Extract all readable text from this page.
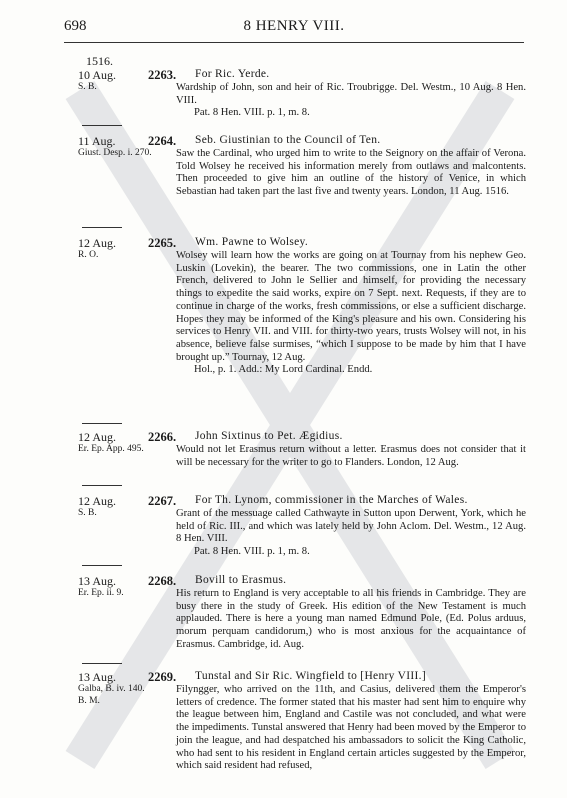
698	8 HENRY VIII.
1516.
10 Aug.
S. B.
2263. For Ric. Yerde.

Wardship of John, son and heir of Ric. Troubrigge. Del. Westm., 10 Aug. 8 Hen. VIII.

Pat. 8 Hen. VIII. p. 1, m. 8.

11 Aug.
Giust. Desp. i. 270.
2264. Seb. Giustinian to the Council of Ten.

Saw the Cardinal, who urged him to write to the Seignory on the affair of Verona. Told Wolsey he received his information merely from outlaws and malcontents. Then proceeded to give him an outline of the history of Venice, in which Sebastian had taken part the last five and twenty years. London, 11 Aug. 1516.

12 Aug.
R. O.
2265. Wm. Pawne to Wolsey.

Wolsey will learn how the works are going on at Tournay from his nephew Geo. Luskin (Lovekin), the bearer. The two commissions, one in Latin the other French, delivered to John le Sellier and himself, for providing the necessary things to expedite the said works, expire on 7 Sept. next. Requests, if they are to continue in charge of the works, fresh commissions, or else a sufficient discharge. Hopes they may be informed of the King's pleasure and his own. Considering his services to Henry VII. and VIII. for thirty-two years, trusts Wolsey will not, in his absence, believe false surmises, “which I suppose to be made by him that I have brought up.” Tournay, 12 Aug.

Hol., p. 1. Add.: My Lord Cardinal. Endd.

12 Aug.
Er. Ep. App. 495.
2266. John Sixtinus to Pet. Ægidius.

Would not let Erasmus return without a letter. Erasmus does not consider that it will be necessary for the writer to go to Flanders. London, 12 Aug.

12 Aug.
S. B.
2267. For Th. Lynom, commissioner in the Marches of Wales.

Grant of the messuage called Cathwayte in Sutton upon Derwent, York, which he held of Ric. III., and which was lately held by John Aclom. Del. Westm., 12 Aug. 8 Hen. VIII.

Pat. 8 Hen. VIII. p. 1, m. 8.

13 Aug.
Er. Ep. ii. 9.
2268. Bovill to Erasmus.

His return to England is very acceptable to all his friends in Cambridge. They are busy there in the study of Greek. His edition of the New Testament is much applauded. There is here a young man named Edmund Pole, (Ed. Polus arduus, morum perquam candidorum,) who is most anxious for the acquaintance of Erasmus. Cambridge, id. Aug.

13 Aug.
Galba, B. iv. 140.
B. M.
2269. Tunstal and Sir Ric. Wingfield to [Henry VIII.]

Filyngger, who arrived on the 11th, and Casius, delivered them the Emperor's letters of credence. The former stated that his master had sent him to enquire why the league between him, England and Castile was not concluded, and what were the impediments. Tunstal answered that Henry had been moved by the Emperor to join the league, and had despatched his ambassadors to solicit the King Catholic, who had sent to his resident in England certain articles suggested by the Emperor, which said resident had refused,
